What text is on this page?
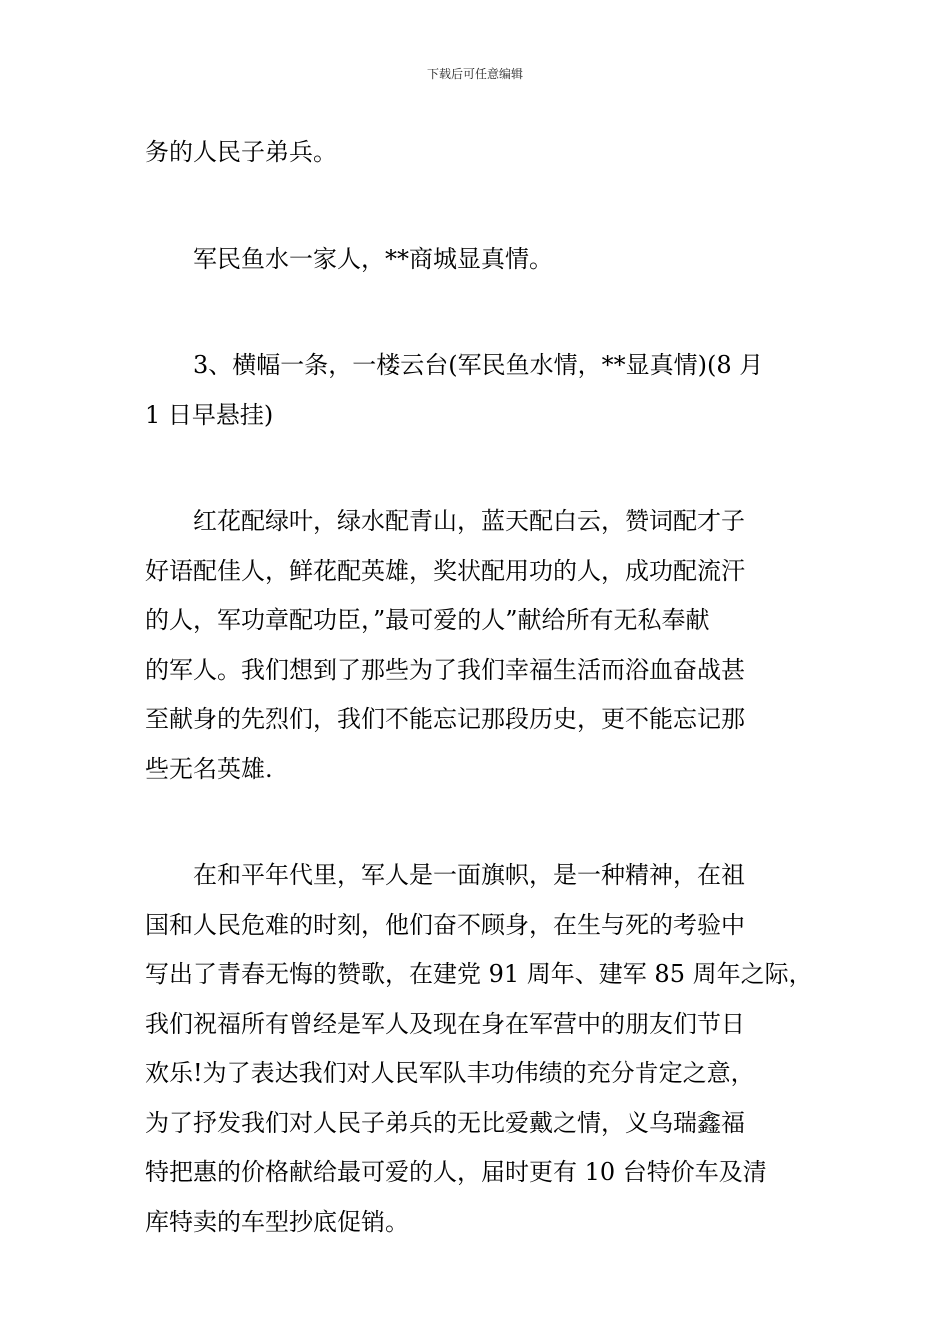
下载后可任意编辑
务的人民子弟兵。
　　军民鱼水一家人，**商城显真情。
　　3、横幅一条，一楼云台(军民鱼水情，**显真情)(8 月
1 日早悬挂)
　　红花配绿叶，绿水配青山，蓝天配白云，赞词配才子
好语配佳人，鲜花配英雄，奖状配用功的人，成功配流汗
的人，军功章配功臣，”最可爱的人”献给所有无私奉献
的军人。我们想到了那些为了我们幸福生活而浴血奋战甚
至献身的先烈们，我们不能忘记那段历史，更不能忘记那
些无名英雄.
　　在和平年代里，军人是一面旗帜，是一种精神，在祖
国和人民危难的时刻，他们奋不顾身，在生与死的考验中
写出了青春无悔的赞歌，在建党 91 周年、建军 85 周年之际，
我们祝福所有曾经是军人及现在身在军营中的朋友们节日
欢乐!为了表达我们对人民军队丰功伟绩的充分肯定之意，
为了抒发我们对人民子弟兵的无比爱戴之情，义乌瑞鑫福
特把惠的价格献给最可爱的人，届时更有 10 台特价车及清
库特卖的车型抄底促销。
